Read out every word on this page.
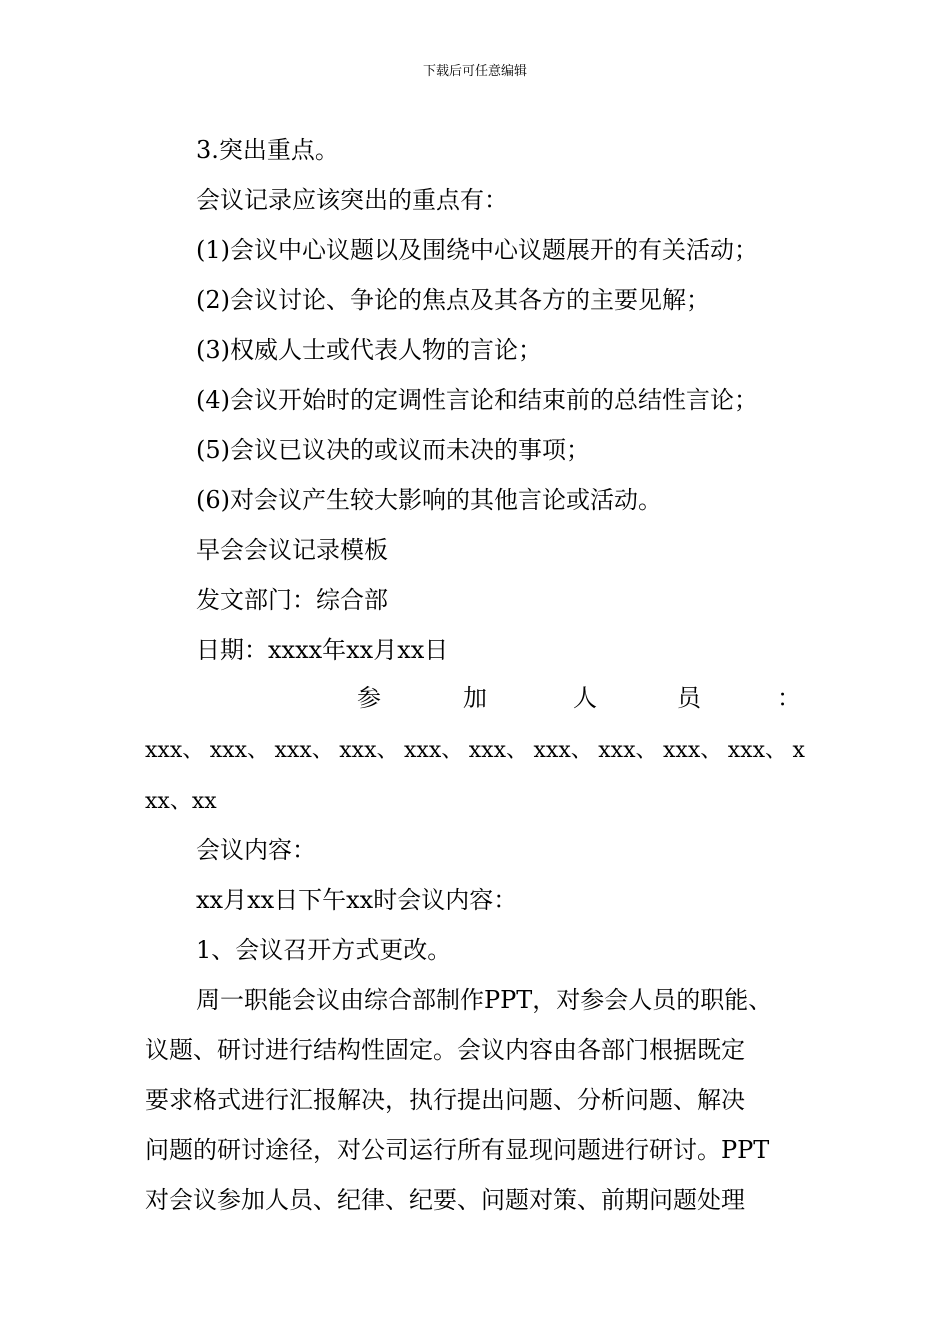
下载后可任意编辑
3.突出重点。
会议记录应该突出的重点有：
(1)会议中心议题以及围绕中心议题展开的有关活动；
(2)会议讨论、争论的焦点及其各方的主要见解；
(3)权威人士或代表人物的言论；
(4)会议开始时的定调性言论和结束前的总结性言论；
(5)会议已议决的或议而未决的事项；
(6)对会议产生较大影响的其他言论或活动。
早会会议记录模板
发文部门：综合部
日期：xxxx年xx月xx日
参	加	人	员	：
xxx、 xxx、 xxx、 xxx、 xxx、 xxx、 xxx、 xxx、 xxx、 xxx、 x
xx、xx
会议内容：
xx月xx日下午xx时会议内容：
1、会议召开方式更改。
周一职能会议由综合部制作PPT，对参会人员的职能、
议题、研讨进行结构性固定。会议内容由各部门根据既定
要求格式进行汇报解决，执行提出问题、分析问题、解决
问题的研讨途径，对公司运行所有显现问题进行研讨。PPT
对会议参加人员、纪律、纪要、问题对策、前期问题处理
